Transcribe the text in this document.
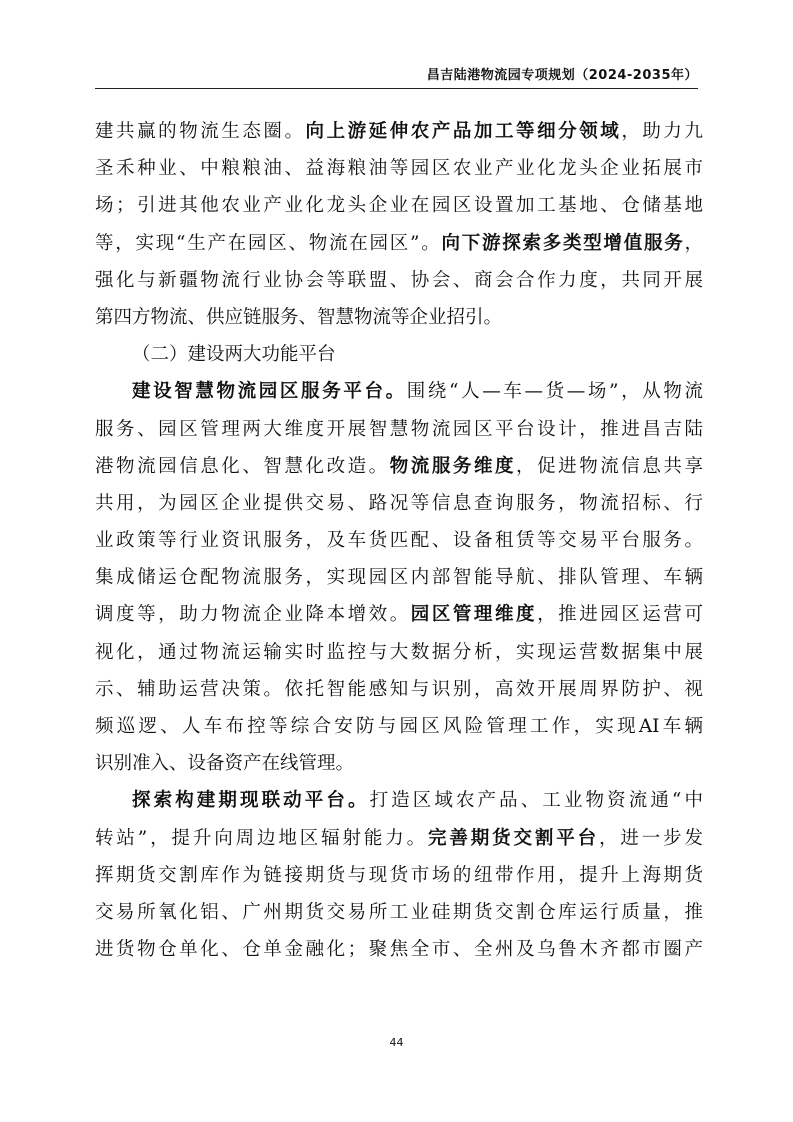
昌吉陆港物流园专项规划（2024-2035年）
建共赢的物流生态圈。向上游延伸农产品加工等细分领域，助力九
圣禾种业、中粮粮油、益海粮油等园区农业产业化龙头企业拓展市
场；引进其他农业产业化龙头企业在园区设置加工基地、仓储基地
等，实现“生产在园区、物流在园区”。向下游探索多类型增值服务，
强化与新疆物流行业协会等联盟、协会、商会合作力度，共同开展
第四方物流、供应链服务、智慧物流等企业招引。
（二）建设两大功能平台
建设智慧物流园区服务平台。围绕“人—车—货—场”，从物流
服务、园区管理两大维度开展智慧物流园区平台设计，推进昌吉陆
港物流园信息化、智慧化改造。物流服务维度，促进物流信息共享
共用，为园区企业提供交易、路况等信息查询服务，物流招标、行
业政策等行业资讯服务，及车货匹配、设备租赁等交易平台服务。
集成储运仓配物流服务，实现园区内部智能导航、排队管理、车辆
调度等，助力物流企业降本增效。园区管理维度，推进园区运营可
视化，通过物流运输实时监控与大数据分析，实现运营数据集中展
示、辅助运营决策。依托智能感知与识别，高效开展周界防护、视
频巡逻、人车布控等综合安防与园区风险管理工作，实现AI车辆
识别准入、设备资产在线管理。
探索构建期现联动平台。打造区域农产品、工业物资流通“中
转站”，提升向周边地区辐射能力。完善期货交割平台，进一步发
挥期货交割库作为链接期货与现货市场的纽带作用，提升上海期货
交易所氧化铝、广州期货交易所工业硅期货交割仓库运行质量，推
进货物仓单化、仓单金融化；聚焦全市、全州及乌鲁木齐都市圈产
44
